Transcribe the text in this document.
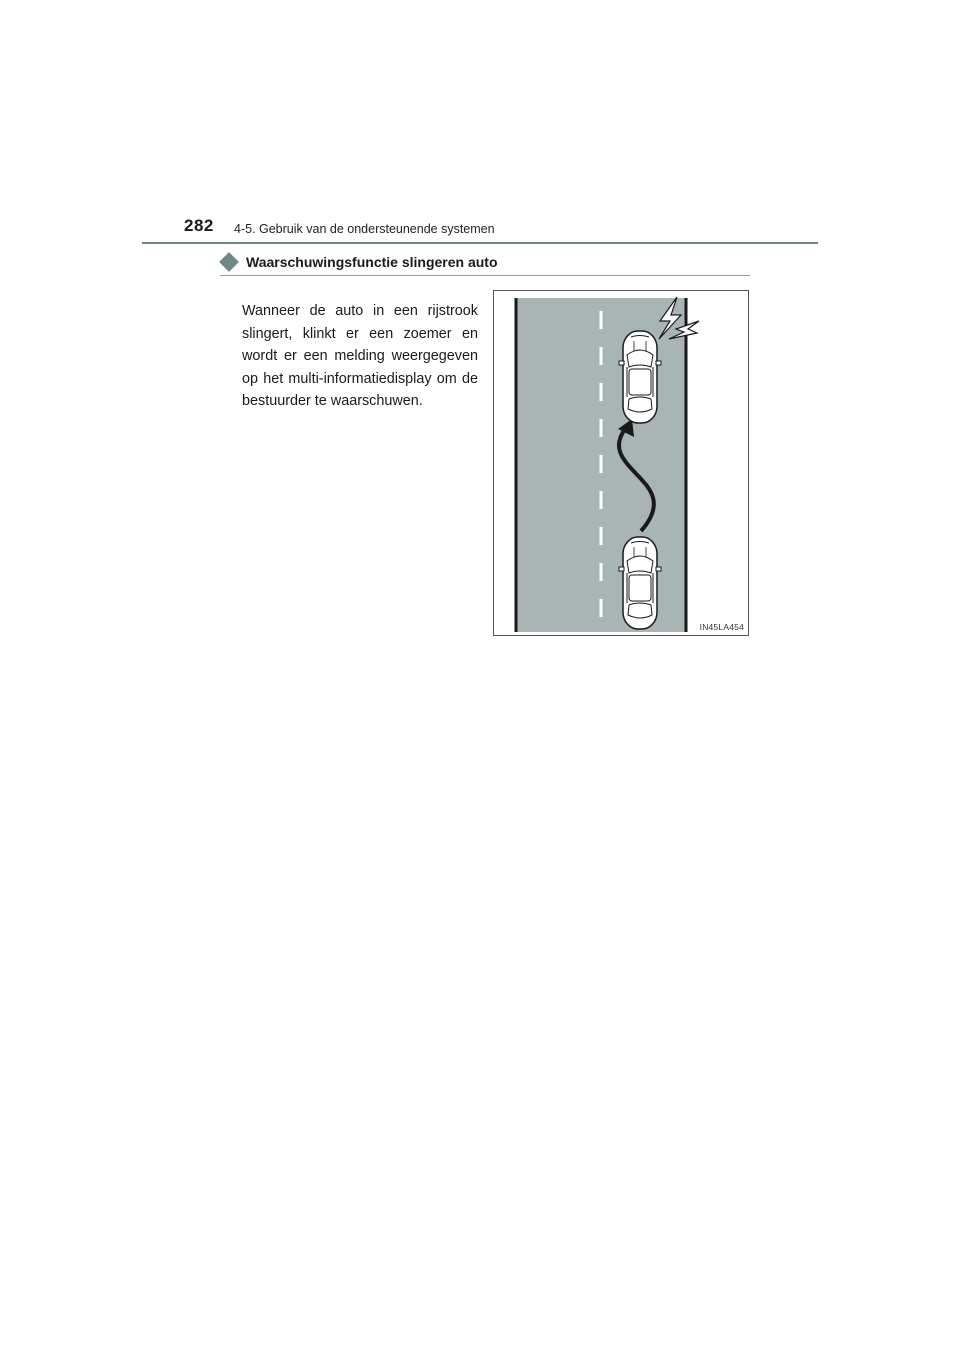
282 4-5. Gebruik van de ondersteunende systemen
Waarschuwingsfunctie slingeren auto

Wanneer de auto in een rijstrook slingert, klinkt er een zoemer en wordt er een melding weergegeven op het multi-informatiedisplay om de bestuurder te waarschuwen.

IN45LA454
